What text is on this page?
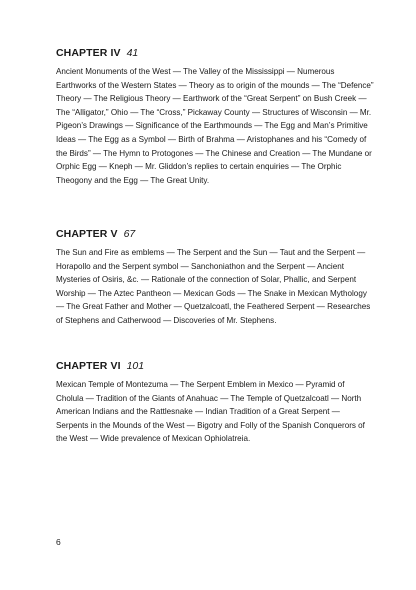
CHAPTER IV 41

Ancient Monuments of the West — The Valley of the Mississippi — Numerous Earthworks of the Western States — Theory as to origin of the mounds — The “Defence” Theory — The Religious Theory — Earthwork of the “Great Serpent” on Bush Creek — The “Alligator,” Ohio — The “Cross,” Pickaway County — Structures of Wisconsin — Mr. Pigeon’s Drawings — Significance of the Earthmounds — The Egg and Man’s Primitive Ideas — The Egg as a Symbol — Birth of Brahma — Aristophanes and his “Comedy of the Birds” — The Hymn to Protogones — The Chinese and Creation — The Mundane or Orphic Egg — Kneph — Mr. Gliddon’s replies to certain enquiries — The Orphic Theogony and the Egg — The Great Unity.

CHAPTER V 67

The Sun and Fire as emblems — The Serpent and the Sun — Taut and the Serpent — Horapollo and the Serpent symbol — Sanchoniathon and the Serpent — Ancient Mysteries of Osiris, &c. — Rationale of the connection of Solar, Phallic, and Serpent Worship — The Aztec Pantheon — Mexican Gods — The Snake in Mexican Mythology — The Great Father and Mother — Quetzalcoatl, the Feathered Serpent — Researches of Stephens and Catherwood — Discoveries of Mr. Stephens.

CHAPTER VI 101

Mexican Temple of Montezuma — The Serpent Emblem in Mexico — Pyramid of Cholula — Tradition of the Giants of Anahuac — The Temple of Quetzalcoatl — North American Indians and the Rattlesnake — Indian Tradition of a Great Serpent — Serpents in the Mounds of the West — Bigotry and Folly of the Spanish Conquerors of the West — Wide prevalence of Mexican Ophiolatreia.

6
